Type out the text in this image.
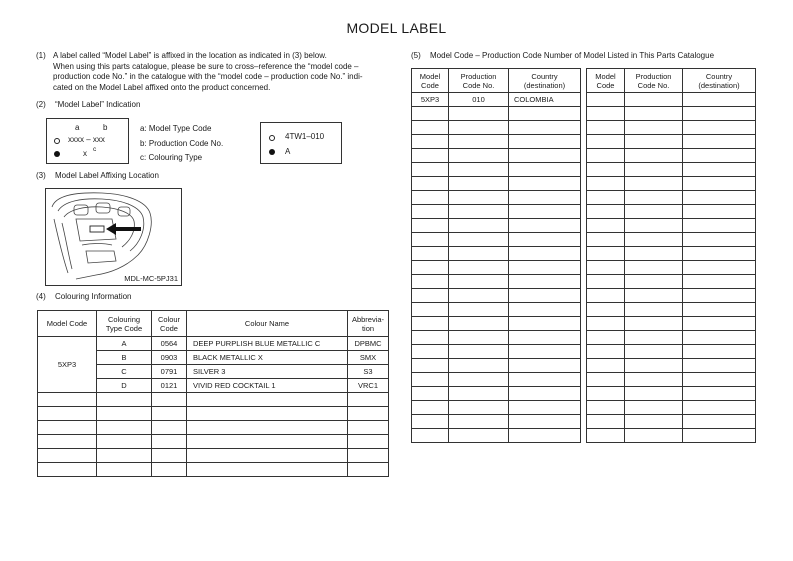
MODEL LABEL
(1) A label called “Model Label” is affixed in the location as indicated in (3) below.
When using this parts catalogue, please be sure to cross–reference the “model code –
production code No.” in the catalogue with the “model code – production code No.” indi-
cated on the Model Label affixed onto the product concerned.
(2) “Model Label” Indication
a	b
xxxx – xxx
x c
a: Model Type Code
b: Production Code No.
c: Colouring Type
4TW1–010
A
(3) Model Label Affixing Location
MDL-MC-5PJ31
(4) Colouring Information
Model Code	Colouring Type Code	Colour Code	Colour Name	Abbrevia-tion
5XP3	A	0564	DEEP PURPLISH BLUE METALLIC C	DPBMC
	B	0903	BLACK METALLIC X	SMX
	C	0791	SILVER 3	S3
	D	0121	VIVID RED COCKTAIL 1	VRC1

(5) Model Code – Production Code Number of Model Listed in This Parts Catalogue
Model Code	Production Code No.	Country (destination)
5XP3	010	COLOMBIA

Model Code	Production Code No.	Country (destination)
